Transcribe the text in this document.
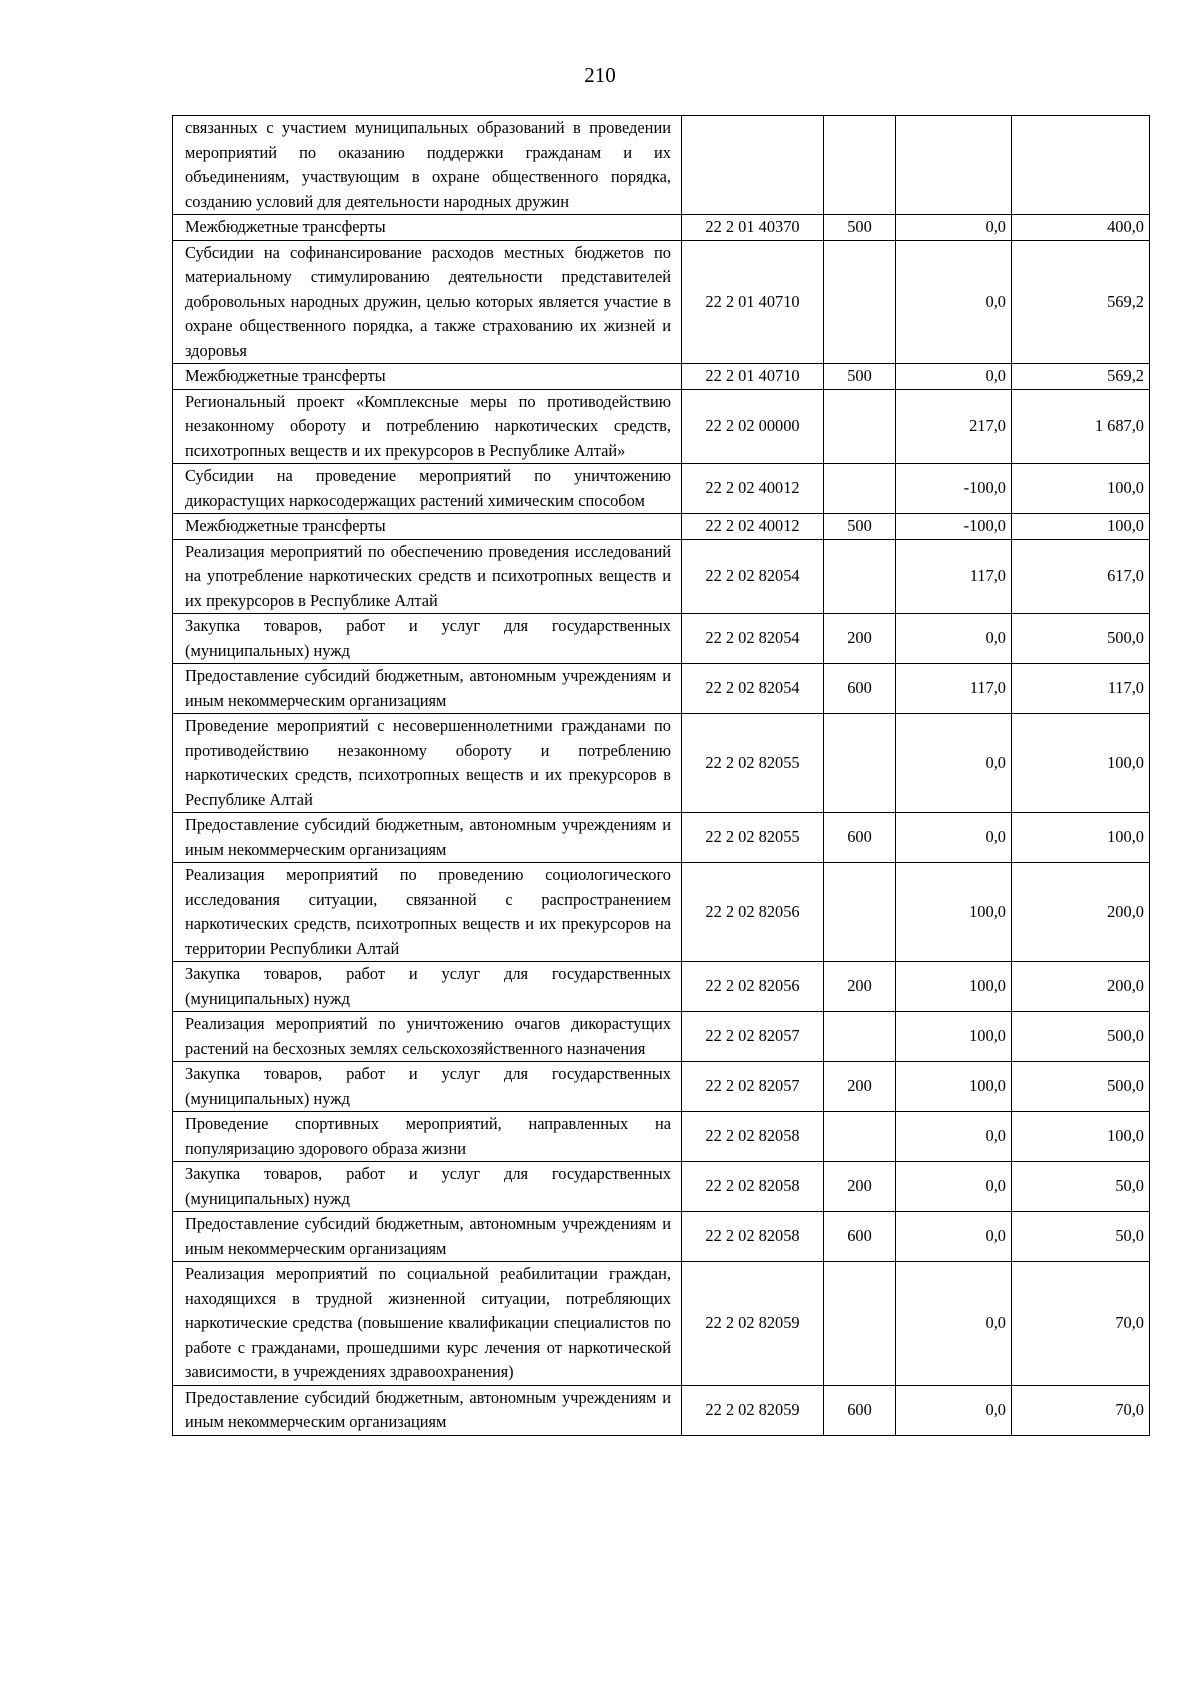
210
связанных с участием муниципальных образований в проведении мероприятий по оказанию поддержки гражданам и их объединениям, участвующим в охране общественного порядка, созданию условий для деятельности народных дружин				
Межбюджетные трансферты	22 2 01 40370	500	0,0	400,0
Субсидии на софинансирование расходов местных бюджетов по материальному стимулированию деятельности представителей добровольных народных дружин, целью которых является участие в охране общественного порядка, а также страхованию их жизней и здоровья	22 2 01 40710		0,0	569,2
Межбюджетные трансферты	22 2 01 40710	500	0,0	569,2
Региональный проект «Комплексные меры по противодействию незаконному обороту и потреблению наркотических средств, психотропных веществ и их прекурсоров в Республике Алтай»	22 2 02 00000		217,0	1 687,0
Субсидии на проведение мероприятий по уничтожению дикорастущих наркосодержащих растений химическим способом	22 2 02 40012		-100,0	100,0
Межбюджетные трансферты	22 2 02 40012	500	-100,0	100,0
Реализация мероприятий по обеспечению проведения исследований на употребление наркотических средств и психотропных веществ и их прекурсоров в Республике Алтай	22 2 02 82054		117,0	617,0
Закупка товаров, работ и услуг для государственных (муниципальных) нужд	22 2 02 82054	200	0,0	500,0
Предоставление субсидий бюджетным, автономным учреждениям и иным некоммерческим организациям	22 2 02 82054	600	117,0	117,0
Проведение мероприятий с несовершеннолетними гражданами по противодействию незаконному обороту и потреблению наркотических средств, психотропных веществ и их прекурсоров в Республике Алтай	22 2 02 82055		0,0	100,0
Предоставление субсидий бюджетным, автономным учреждениям и иным некоммерческим организациям	22 2 02 82055	600	0,0	100,0
Реализация мероприятий по проведению социологического исследования ситуации, связанной с распространением наркотических средств, психотропных веществ и их прекурсоров на территории Республики Алтай	22 2 02 82056		100,0	200,0
Закупка товаров, работ и услуг для государственных (муниципальных) нужд	22 2 02 82056	200	100,0	200,0
Реализация мероприятий по уничтожению очагов дикорастущих растений на бесхозных землях сельскохозяйственного назначения	22 2 02 82057		100,0	500,0
Закупка товаров, работ и услуг для государственных (муниципальных) нужд	22 2 02 82057	200	100,0	500,0
Проведение спортивных мероприятий, направленных на популяризацию здорового образа жизни	22 2 02 82058		0,0	100,0
Закупка товаров, работ и услуг для государственных (муниципальных) нужд	22 2 02 82058	200	0,0	50,0
Предоставление субсидий бюджетным, автономным учреждениям и иным некоммерческим организациям	22 2 02 82058	600	0,0	50,0
Реализация мероприятий по социальной реабилитации граждан, находящихся в трудной жизненной ситуации, потребляющих наркотические средства (повышение квалификации специалистов по работе с гражданами, прошедшими курс лечения от наркотической зависимости, в учреждениях здравоохранения)	22 2 02 82059		0,0	70,0
Предоставление субсидий бюджетным, автономным учреждениям и иным некоммерческим организациям	22 2 02 82059	600	0,0	70,0
